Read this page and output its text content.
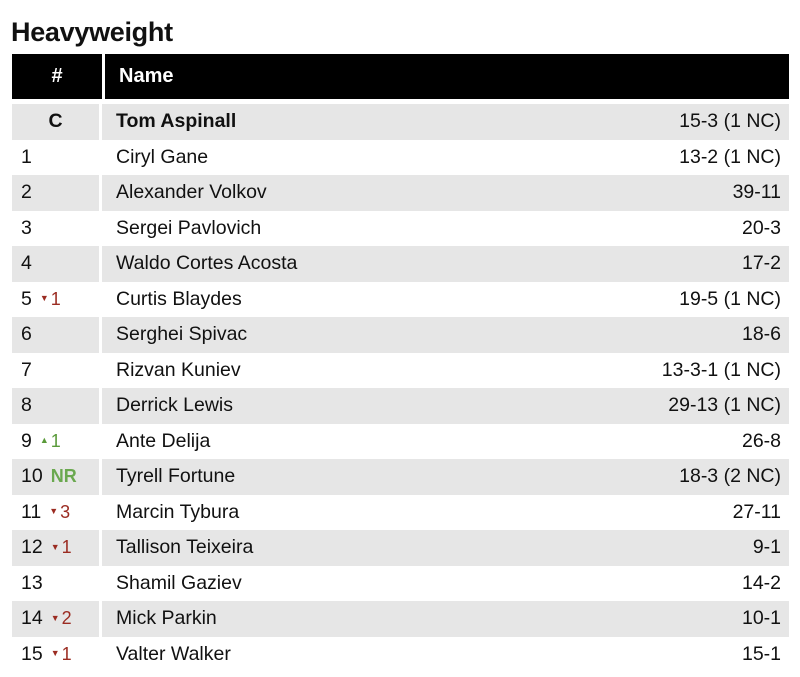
Heavyweight
#	Name
C	Tom Aspinall	15-3 (1 NC)
1	Ciryl Gane	13-2 (1 NC)
2	Alexander Volkov	39-11
3	Sergei Pavlovich	20-3
4	Waldo Cortes Acosta	17-2
5 ▼ 1	Curtis Blaydes	19-5 (1 NC)
6	Serghei Spivac	18-6
7	Rizvan Kuniev	13-3-1 (1 NC)
8	Derrick Lewis	29-13 (1 NC)
9 ▲ 1	Ante Delija	26-8
10 NR	Tyrell Fortune	18-3 (2 NC)
11 ▼ 3	Marcin Tybura	27-11
12 ▼ 1	Tallison Teixeira	9-1
13	Shamil Gaziev	14-2
14 ▼ 2	Mick Parkin	10-1
15 ▼ 1	Valter Walker	15-1
